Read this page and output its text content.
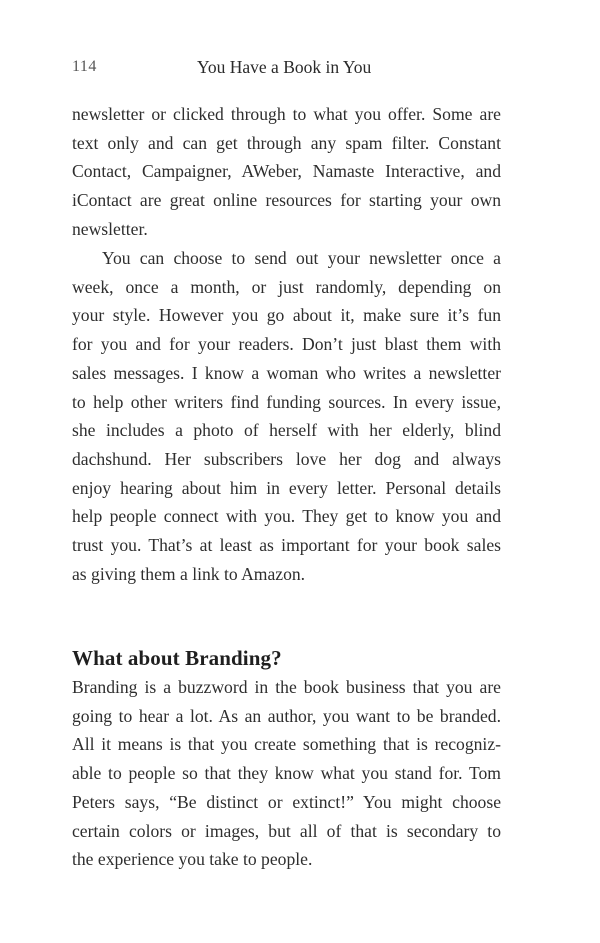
114	You Have a Book in You
newsletter or clicked through to what you offer. Some are
text only and can get through any spam filter. Constant
Contact, Campaigner, AWeber, Namaste Interactive, and
iContact are great online resources for starting your own
newsletter.
You can choose to send out your newsletter once a
week, once a month, or just randomly, depending on
your style. However you go about it, make sure it’s fun
for you and for your readers. Don’t just blast them with
sales messages. I know a woman who writes a newsletter
to help other writers find funding sources. In every issue,
she includes a photo of herself with her elderly, blind
dachshund. Her subscribers love her dog and always
enjoy hearing about him in every letter. Personal details
help people connect with you. They get to know you and
trust you. That’s at least as important for your book sales
as giving them a link to Amazon.
What about Branding?
Branding is a buzzword in the book business that you are
going to hear a lot. As an author, you want to be branded.
All it means is that you create something that is recogniz-
able to people so that they know what you stand for. Tom
Peters says, “Be distinct or extinct!” You might choose
certain colors or images, but all of that is secondary to
the experience you take to people.
